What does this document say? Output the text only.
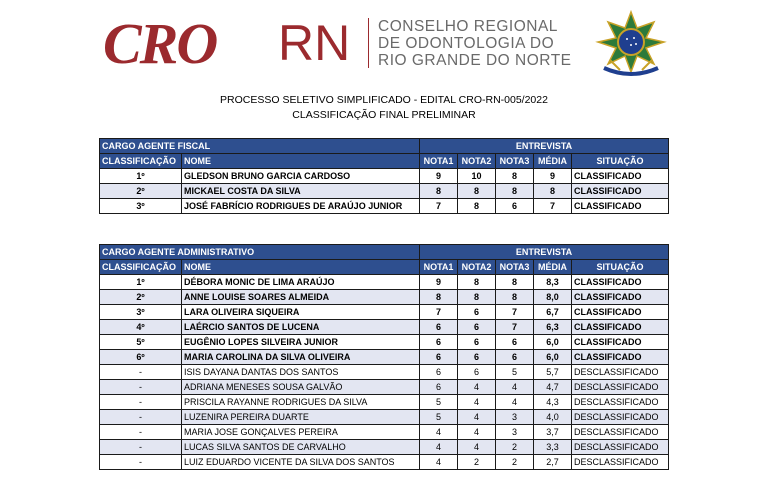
CRO RN CONSELHO REGIONAL
DE ODONTOLOGIA DO
RIO GRANDE DO NORTE
PROCESSO SELETIVO SIMPLIFICADO - EDITAL CRO-RN-005/2022
CLASSIFICAÇÃO FINAL PRELIMINAR
CARGO AGENTE FISCAL		ENTREVISTA				
CLASSIFICAÇÃO	NOME	NOTA1	NOTA2	NOTA3	MÉDIA	SITUAÇÃO
1º	GLEDSON BRUNO GARCIA CARDOSO	9	10	8	9	CLASSIFICADO
2º	MICKAEL COSTA DA SILVA	8	8	8	8	CLASSIFICADO
3º	JOSÉ FABRÍCIO RODRIGUES DE ARAÚJO JUNIOR	7	8	6	7	CLASSIFICADO
CARGO AGENTE ADMINISTRATIVO		ENTREVISTA				
CLASSIFICAÇÃO	NOME	NOTA1	NOTA2	NOTA3	MÉDIA	SITUAÇÃO
1º	DÉBORA MONIC DE LIMA ARAÚJO	9	8	8	8,3	CLASSIFICADO
2º	ANNE LOUISE SOARES ALMEIDA	8	8	8	8,0	CLASSIFICADO
3º	LARA OLIVEIRA SIQUEIRA	7	6	7	6,7	CLASSIFICADO
4º	LAÉRCIO SANTOS DE LUCENA	6	6	7	6,3	CLASSIFICADO
5º	EUGÊNIO LOPES SILVEIRA JUNIOR	6	6	6	6,0	CLASSIFICADO
6º	MARIA CAROLINA DA SILVA OLIVEIRA	6	6	6	6,0	CLASSIFICADO
-	ISIS DAYANA DANTAS DOS SANTOS	6	6	5	5,7	DESCLASSIFICADO
-	ADRIANA MENESES SOUSA GALVÃO	6	4	4	4,7	DESCLASSIFICADO
-	PRISCILA RAYANNE RODRIGUES DA SILVA	5	4	4	4,3	DESCLASSIFICADO
-	LUZENIRA PEREIRA DUARTE	5	4	3	4,0	DESCLASSIFICADO
-	MARIA JOSE GONÇALVES PEREIRA	4	4	3	3,7	DESCLASSIFICADO
-	LUCAS SILVA SANTOS DE CARVALHO	4	4	2	3,3	DESCLASSIFICADO
-	LUIZ EDUARDO VICENTE DA SILVA DOS SANTOS	4	2	2	2,7	DESCLASSIFICADO
